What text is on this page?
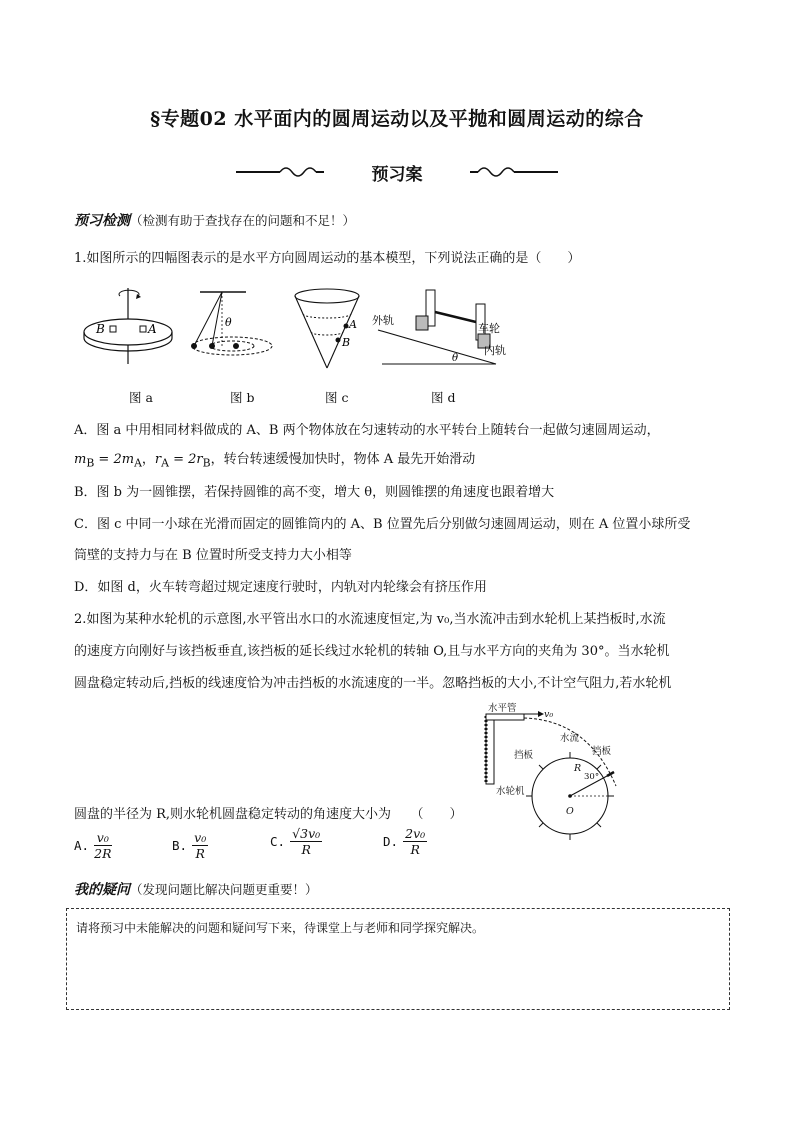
§专题02 水平面内的圆周运动以及平抛和圆周运动的综合
预习案
预习检测（检测有助于查找存在的问题和不足！）
1.如图所示的四幅图表示的是水平方向圆周运动的基本模型，下列说法正确的是（　　）
B	A	θ	A
B
外轨
车轮
内轨
θ
图 a	图 b	图 c	图 d
A．图 a 中用相同材料做成的 A、B 两个物体放在匀速转动的水平转台上随转台一起做匀速圆周运动，
$m_B = 2m_A$，$r_A = 2r_B$，转台转速缓慢加快时，物体 A 最先开始滑动
B．图 b 为一圆锥摆，若保持圆锥的高不变，增大 θ，则圆锥摆的角速度也跟着增大
C．图 c 中同一小球在光滑而固定的圆锥筒内的 A、B 位置先后分别做匀速圆周运动，则在 A 位置小球所受
筒壁的支持力与在 B 位置时所受支持力大小相等
D．如图 d，火车转弯超过规定速度行驶时，内轨对内轮缘会有挤压作用
2.如图为某种水轮机的示意图,水平管出水口的水流速度恒定,为 v₀,当水流冲击到水轮机上某挡板时,水流
的速度方向刚好与该挡板垂直,该挡板的延长线过水轮机的转轴 O,且与水平方向的夹角为 30°。当水轮机
圆盘稳定转动后,挡板的线速度恰为冲击挡板的水流速度的一半。忽略挡板的大小,不计空气阻力,若水轮机
水平管
v₀
水流
挡板	挡板
R
30°
水轮机
O
圆盘的半径为 R,则水轮机圆盘稳定转动的角速度大小为　　（　　）
A. $\frac{\text{v₀}}{2R}$	B. $\frac{\text{v₀}}{R}$	C. $\frac{\text{√3v₀}}{R}$	D. $\frac{\text{2v₀}}{R}$
我的疑问（发现问题比解决问题更重要！）
请将预习中未能解决的问题和疑问写下来，待课堂上与老师和同学探究解决。
